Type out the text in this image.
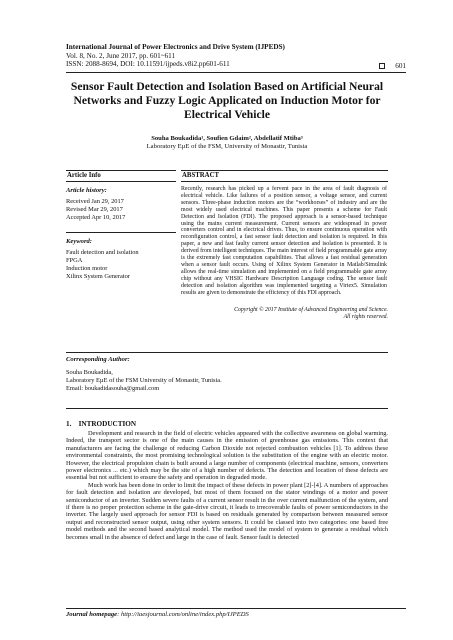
International Journal of Power Electronics and Drive System (IJPEDS)
Vol. 8, No. 2, June 2017, pp. 601~611
ISSN: 2088-8694, DOI: 10.11591/ijpeds.v8i2.pp601-611	601
Sensor Fault Detection and Isolation Based on Artificial Neural Networks and Fuzzy Logic Applicated on Induction Motor for Electrical Vehicle
Souha Boukadida¹, Soufien Gdaim², Abdellatif Mtiba³
Laboratory EµE of the FSM, University of Monastir, Tunisia
Article Info
Article history:
Received Jan 29, 2017
Revised Mar 29, 2017
Accepted Apr 10, 2017
Keyword:
Fault detection and isolation
FPGA
Induction motor
Xilinx System Generator
ABSTRACT
Recently, research has picked up a fervent pace in the area of fault diagnosis of electrical vehicle. Like failures of a position sensor, a voltage sensor, and current sensors. Three-phase induction motors are the “workhorses” of industry and are the most widely used electrical machines. This paper presents a scheme for Fault Detection and Isolation (FDI). The proposed approach is a sensor-based technique using the mains current measurement. Current sensors are widespread in power converters control and in electrical drives. Thus, to ensure continuous operation with reconfiguration control, a fast sensor fault detection and isolation is required. In this paper, a new and fast faulty current sensor detection and isolation is presented. It is derived from intelligent techniques. The main interest of field programmable gate array is the extremely fast computation capabilities. That allows a fast residual generation when a sensor fault occurs. Using of Xilinx System Generator in Matlab/Simulink allows the real-time simulation and implemented on a field programmable gate array chip without any VHSIC Hardware Description Language coding. The sensor fault detection and isolation algorithm was implemented targeting a Virtex5. Simulation results are given to demonstrate the efficiency of this FDI approach.
Copyright © 2017 Institute of Advanced Engineering and Science.
All rights reserved.
Corresponding Author:
Souha Boukadida,
Laboratory EµE of the FSM University of Monastir, Tunisia.
Email: boukadidasouha@gmail.com
1.    INTRODUCTION

Development and research in the field of electric vehicles appeared with the collective awareness on global warming. Indeed, the transport sector is one of the main causes in the emission of greenhouse gas emissions. This context that manufacturers are facing the challenge of reducing Carbon Dioxide not rejected combustion vehicles [1]. To address these environmental constraints, the most promising technological solution is the substitution of the engine with an electric motor. However, the electrical propulsion chain is built around a large number of components (electrical machine, sensors, converters power electronics ... etc.) which may be the site of a high number of defects. The detection and location of these defects are essential but not sufficient to ensure the safety and operation in degraded mode.

Much work has been done in order to limit the impact of these defects in power plant [2]-[4]. A numbers of approaches for fault detection and isolation are developed, but most of them focused on the stator windings of a motor and power semiconductor of an inverter. Sudden severe faults of a current sensor result in the over current malfunction of the system, and if there is no proper protection scheme in the gate-drive circuit, it leads to irrecoverable faults of power semiconductors in the inverter. The largely used approach for sensor FDI is based on residuals generated by comparison between measured sensor output and reconstructed sensor output, using other system sensors. It could be classed into two categories: one based free model methods and the second based analytical model. The method used the model of system to generate a residual which becomes small in the absence of defect and large in the case of fault. Sensor fault is detected

Journal homepage: http://iaesjournal.com/online/index.php/IJPEDS
